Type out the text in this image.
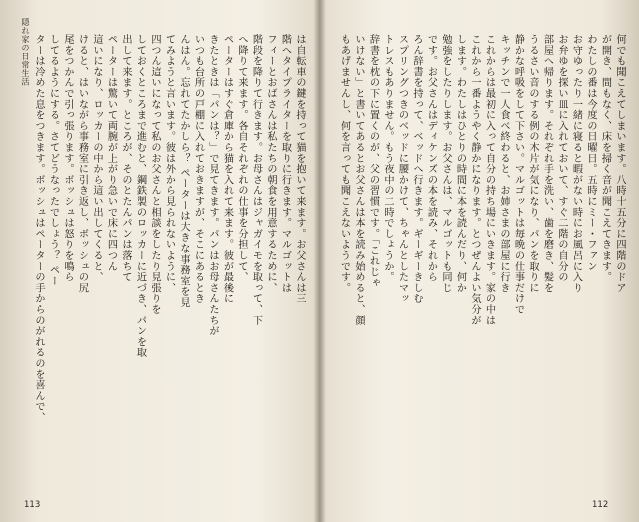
隠れ家の日常生活	は自転車の鍵を持って猫を抱いて来ます。お父さんは三
階へタイプライターを取りに行きます。マルゴットは
フィーとおばさんは私たちの朝食を用意するために、
階段を降りて行きます。お母さんはジャガイモを取って、下
へ降りて来ます。各自それぞれの仕事を分担して、
ペーターはすぐ倉庫から猫を入れて来ます。彼が最後に
きたときは「パンは？」で見てきます。パンはお母さんたちが
いつも台所の戸棚に入れておきますが、そこにあるとき
んはん。忘れてたかしら？ ペーターは大きな事務室を見
てみようと言います。彼は外から見られないように、
四つん這いになって私のお父さんと相談をしたり見張りを
しておくところまで進むと、鋼鉄製のロッカーに近づき、パンを取
出して来ます。ところが、そのとたんパンは落ちて
ペーターは驚いて両腕が上がり急いで床に四つん
這いになり、ロッカーの中から這い出してくると、
けると、はいながら事務室に引き返し、ボッシュの尻
尾をつかんで引っ張ります。ボッシュは怒りを鳴ら
してるようにする。さてどうなったでしょう？ ペー
ターは冷めた息をつきます。ボッシュはペーターの手からのがれるのを喜んで、
113
何でも聞こえてしまいます。八時十五分に四階のドア
が開き、間もなく、床を掃く音が聞こえてきます。
わたしの番は今度の日曜日。五時にミー・ファン
お守ゆったり一緒に寝ると暇がない時にお風呂に入り
お弁ゆを探い皿に入れておいて、すぐ二階の自分の
部屋へ帰ります。それぞれ手を洗い、歯を磨き、髪を
うるさい音のする例の木片が気になり、パンを取りに
静かな呼吸をして下さい。マルゴットは毎晩の仕事だけで
キッチンで一人食べ終わると、お姉さまの部屋に行き
これからは最初に入って自分の持ち場にいきます。家の中は
これから一番ようやく静かになります。とつぜんよい気分が
します。わたしはひとりの時間に本を読んだり、何か
勉強をしたりします。お父さんは、マルゴットも同じ
です。お父さんはディケンズの本を読み、それから
ろん辞書を持って、ベッドへ行きます。ギーギーきしむ
スプリングつきのベッドに腰かけて、ちゃんとしたマッ
トレスもありません。もう夜中の二時でしょうか。
辞書を枕の下に置くのが、父の習慣です。「これじゃ
いけない」と書いてあるとお父さんは本を読み始めると、顔
もあげませんし、何を言っても聞こえないようです。
112
